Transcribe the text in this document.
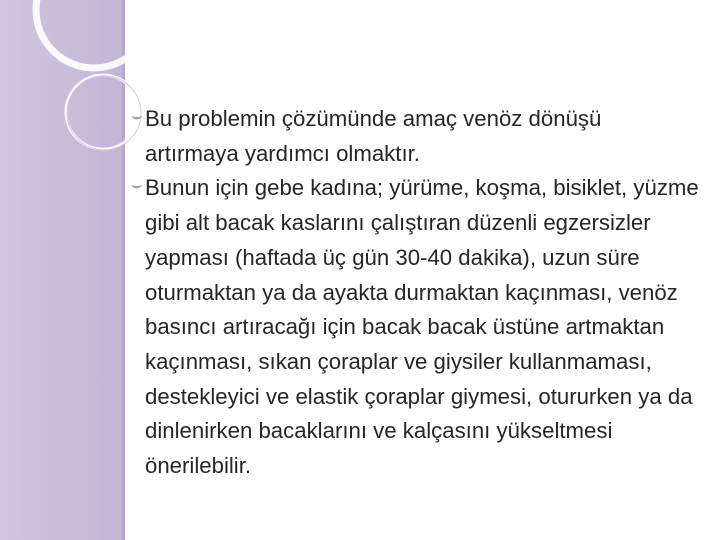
Bu problemin çözümünde amaç venöz dönüşü artırmaya yardımcı olmaktır.
Bunun için gebe kadına; yürüme, koşma, bisiklet, yüzme gibi alt bacak kaslarını çalıştıran düzenli egzersizler yapması (haftada üç gün 30-40 dakika), uzun süre oturmaktan ya da ayakta durmaktan kaçınması, venöz basıncı artıracağı için bacak bacak üstüne artmaktan kaçınması, sıkan çoraplar ve giysiler kullanmaması, destekleyici ve elastik çoraplar giymesi, otururken ya da dinlenirken bacaklarını ve kalçasını yükseltmesi önerilebilir.
